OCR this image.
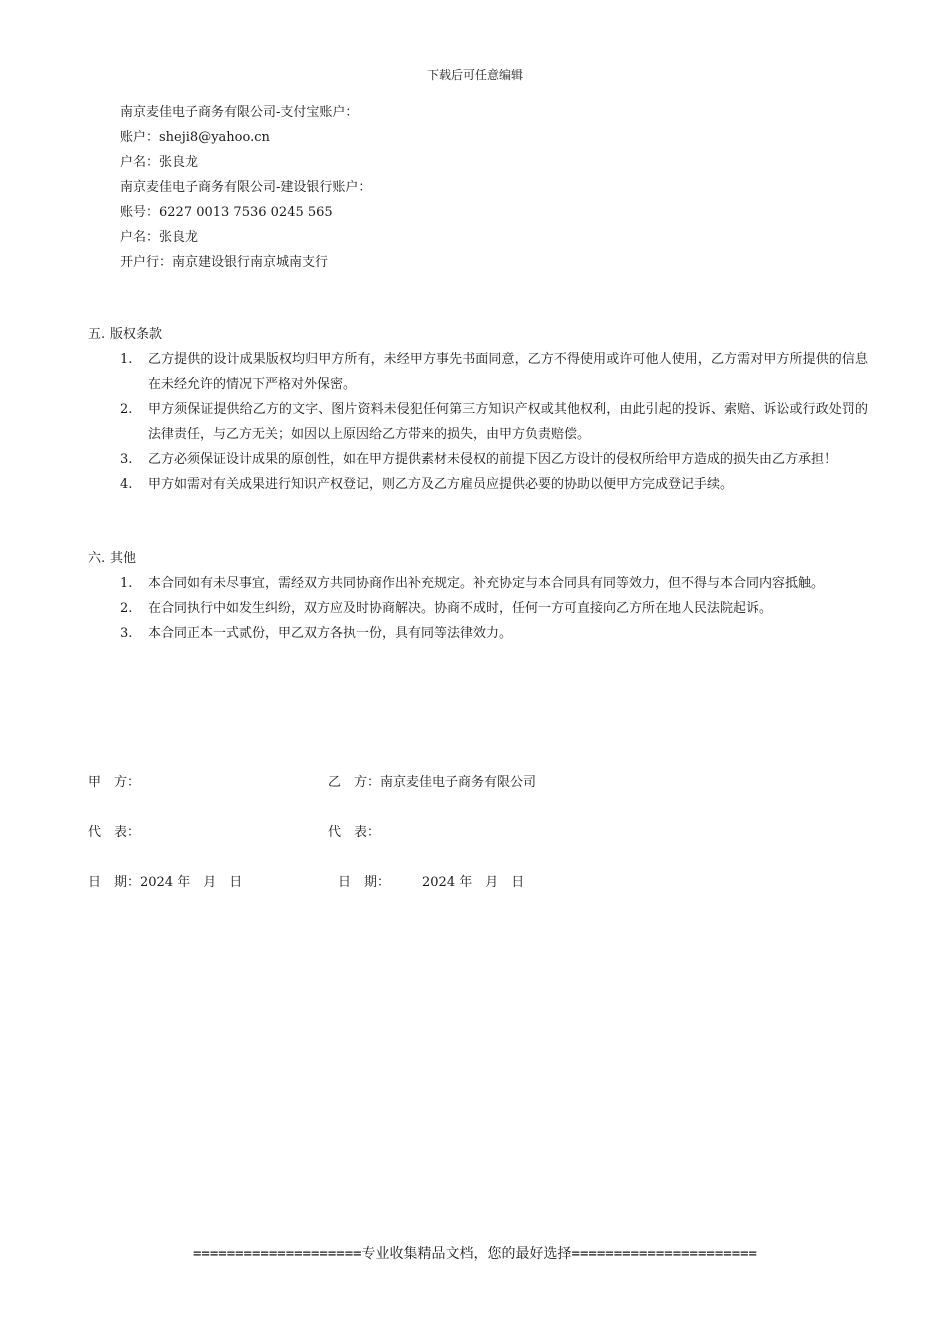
下载后可任意编辑
南京麦佳电子商务有限公司-支付宝账户：
账户：sheji8@yahoo.cn
户名：张良龙
南京麦佳电子商务有限公司-建设银行账户：
账号：6227 0013 7536 0245 565
户名：张良龙
开户行：南京建设银行南京城南支行
五. 版权条款
1. 乙方提供的设计成果版权均归甲方所有，未经甲方事先书面同意，乙方不得使用或许可他人使用，乙方需对甲方所提供的信息在未经允许的情况下严格对外保密。
2. 甲方须保证提供给乙方的文字、图片资料未侵犯任何第三方知识产权或其他权利，由此引起的投诉、索赔、诉讼或行政处罚的法律责任，与乙方无关；如因以上原因给乙方带来的损失，由甲方负责赔偿。
3. 乙方必须保证设计成果的原创性，如在甲方提供素材未侵权的前提下因乙方设计的侵权所给甲方造成的损失由乙方承担！
4. 甲方如需对有关成果进行知识产权登记，则乙方及乙方雇员应提供必要的协助以便甲方完成登记手续。
六. 其他
1. 本合同如有未尽事宜，需经双方共同协商作出补充规定。补充协定与本合同具有同等效力，但不得与本合同内容抵触。
2. 在合同执行中如发生纠纷，双方应及时协商解决。协商不成时，任何一方可直接向乙方所在地人民法院起诉。
3. 本合同正本一式贰份，甲乙双方各执一份，具有同等法律效力。
甲　方：	乙　方：南京麦佳电子商务有限公司
代　表：	代　表：
日　期：2024 年　月　日	日　期： 2024 年　月　日
====================专业收集精品文档，您的最好选择======================
